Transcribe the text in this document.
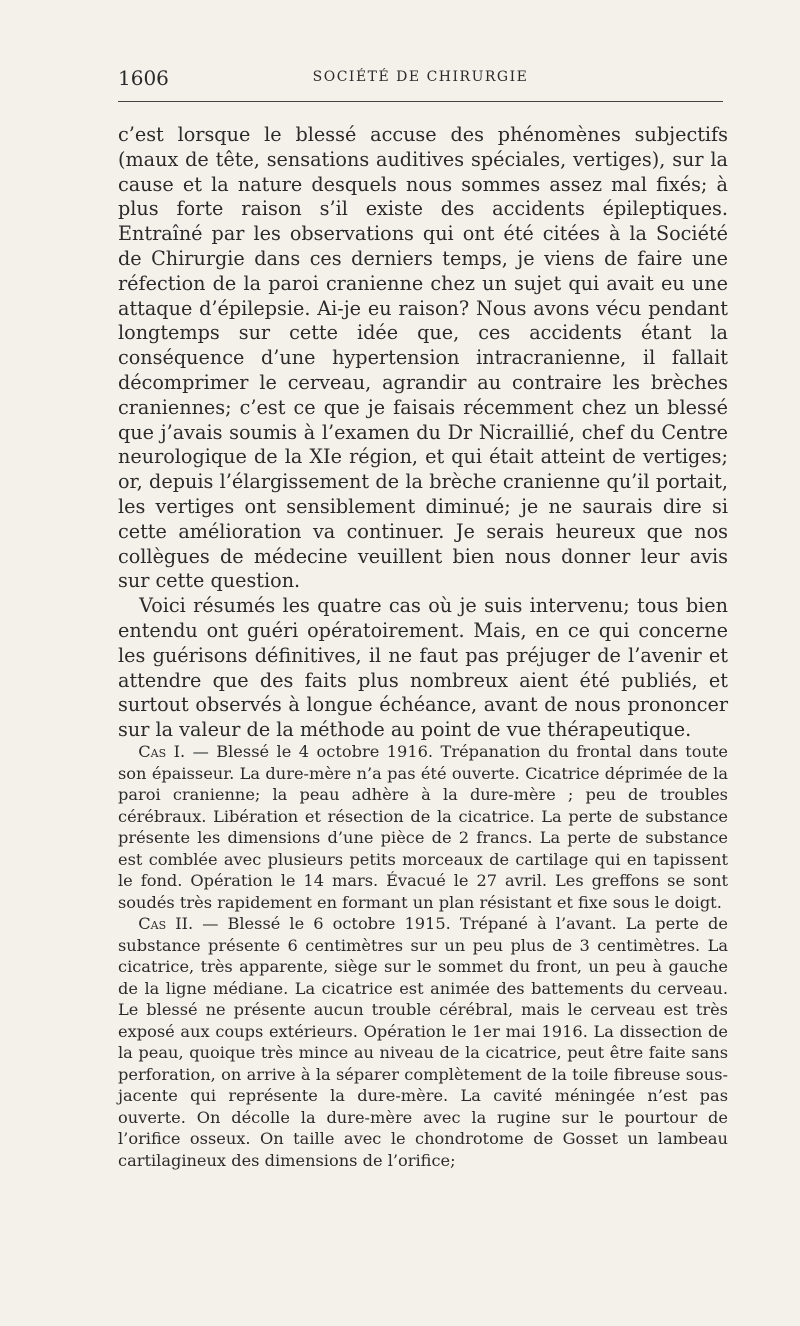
1606	SOCIÉTÉ DE CHIRURGIE

c’est lorsque le blessé accuse des phénomènes subjectifs (maux de tête, sensations auditives spéciales, vertiges), sur la cause et la nature desquels nous sommes assez mal fixés; à plus forte raison s’il existe des accidents épileptiques. Entraîné par les observations qui ont été citées à la Société de Chirurgie dans ces derniers temps, je viens de faire une réfection de la paroi cranienne chez un sujet qui avait eu une attaque d’épilepsie. Ai-je eu raison? Nous avons vécu pendant longtemps sur cette idée que, ces accidents étant la conséquence d’une hypertension intracranienne, il fallait décomprimer le cerveau, agrandir au contraire les brèches craniennes; c’est ce que je faisais récemment chez un blessé que j’avais soumis à l’examen du Dr Nicraillié, chef du Centre neurologique de la XIe région, et qui était atteint de vertiges; or, depuis l’élargissement de la brèche cranienne qu’il portait, les vertiges ont sensiblement diminué; je ne saurais dire si cette amélioration va continuer. Je serais heureux que nos collègues de médecine veuillent bien nous donner leur avis sur cette question.

Voici résumés les quatre cas où je suis intervenu; tous bien entendu ont guéri opératoirement. Mais, en ce qui concerne les guérisons définitives, il ne faut pas préjuger de l’avenir et attendre que des faits plus nombreux aient été publiés, et surtout observés à longue échéance, avant de nous prononcer sur la valeur de la méthode au point de vue thérapeutique.

Cas I. — Blessé le 4 octobre 1916. Trépanation du frontal dans toute son épaisseur. La dure-mère n’a pas été ouverte. Cicatrice déprimée de la paroi cranienne; la peau adhère à la dure-mère ; peu de troubles cérébraux. Libération et résection de la cicatrice. La perte de substance présente les dimensions d’une pièce de 2 francs. La perte de substance est comblée avec plusieurs petits morceaux de cartilage qui en tapissent le fond. Opération le 14 mars. Évacué le 27 avril. Les greffons se sont soudés très rapidement en formant un plan résistant et fixe sous le doigt.

Cas II. — Blessé le 6 octobre 1915. Trépané à l’avant. La perte de substance présente 6 centimètres sur un peu plus de 3 centimètres. La cicatrice, très apparente, siège sur le sommet du front, un peu à gauche de la ligne médiane. La cicatrice est animée des battements du cerveau. Le blessé ne présente aucun trouble cérébral, mais le cerveau est très exposé aux coups extérieurs. Opération le 1er mai 1916. La dissection de la peau, quoique très mince au niveau de la cicatrice, peut être faite sans perforation, on arrive à la séparer complètement de la toile fibreuse sous-jacente qui représente la dure-mère. La cavité méningée n’est pas ouverte. On décolle la dure-mère avec la rugine sur le pourtour de l’orifice osseux. On taille avec le chondrotome de Gosset un lambeau cartilagineux des dimensions de l’orifice;
